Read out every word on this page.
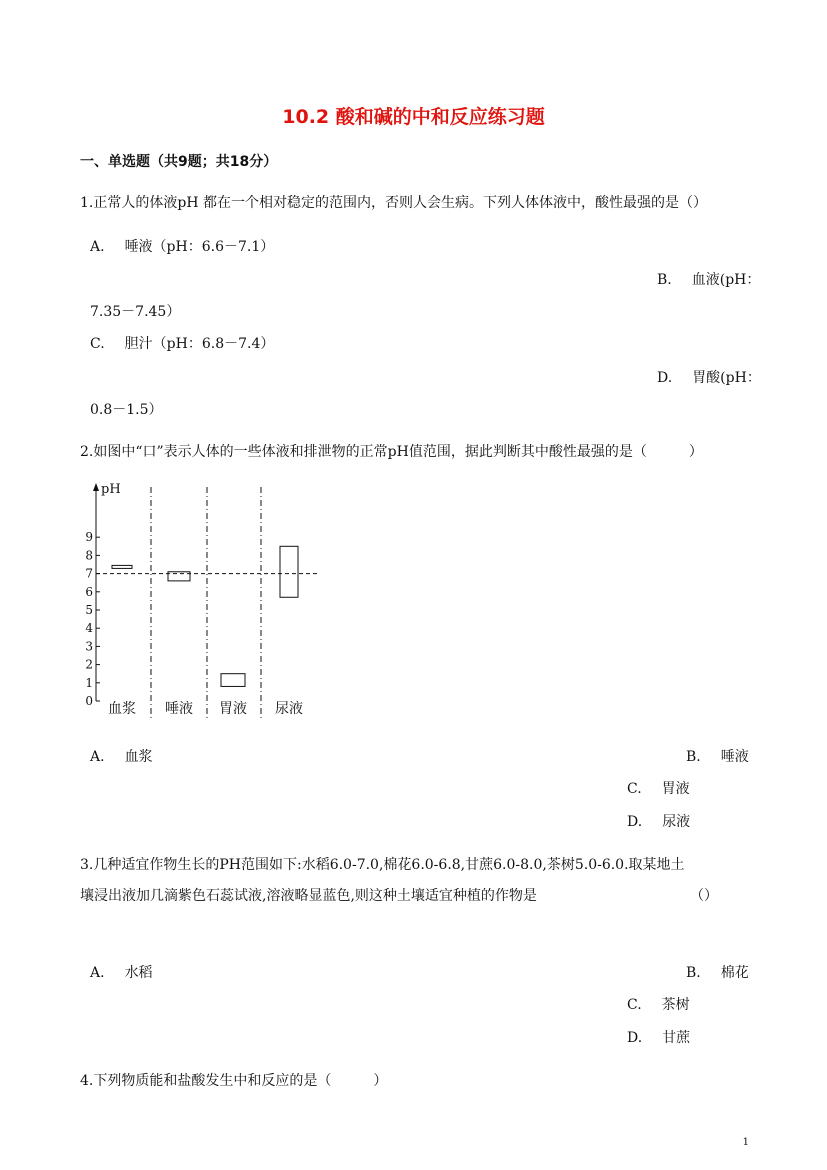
10.2 酸和碱的中和反应练习题
一、单选题（共9题；共18分）
1.正常人的体液pH 都在一个相对稳定的范围内，否则人会生病。下列人体体液中，酸性最强的是（）
A. 唾液（pH：6.6－7.1）
B. 血液(pH：
7.35－7.45）
C. 胆汁（pH：6.8－7.4）
D. 胃酸(pH：
0.8－1.5）
2.如图中“口”表示人体的一些体液和排泄物的正常pH值范围，据此判断其中酸性最强的是（　　　）
pH
0
1
2
3
4
5
6
7
8
9
血浆 唾液 胃液 尿液
A. 血浆	B. 唾液
C. 胃液
D. 尿液
3.几种适宜作物生长的PH范围如下:水稻6.0-7.0,棉花6.0-6.8,甘蔗6.0-8.0,茶树5.0-6.0.取某地土
壤浸出液加几滴紫色石蕊试液,溶液略显蓝色,则这种土壤适宜种植的作物是	（）
A. 水稻	B. 棉花
C. 茶树
D. 甘蔗
4.下列物质能和盐酸发生中和反应的是（　　　）
1
